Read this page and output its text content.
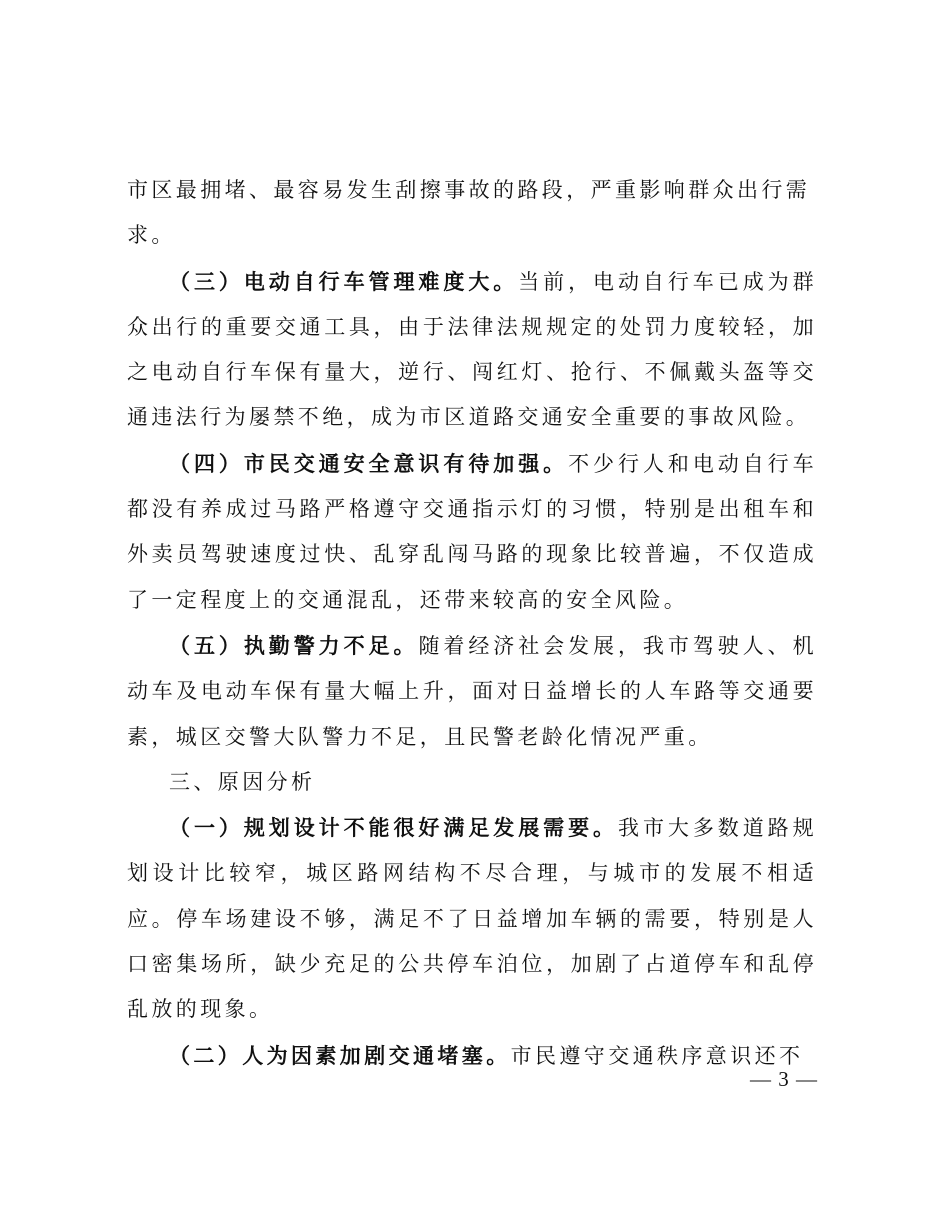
市区最拥堵、最容易发生刮擦事故的路段，严重影响群众出行需
求。

（三）电动自行车管理难度大。当前，电动自行车已成为群众出行的重要交通工具，由于法律法规规定的处罚力度较轻，加之电动自行车保有量大，逆行、闯红灯、抢行、不佩戴头盔等交通违法行为屡禁不绝，成为市区道路交通安全重要的事故风险。

（四）市民交通安全意识有待加强。不少行人和电动自行车都没有养成过马路严格遵守交通指示灯的习惯，特别是出租车和外卖员驾驶速度过快、乱穿乱闯马路的现象比较普遍，不仅造成了一定程度上的交通混乱，还带来较高的安全风险。

（五）执勤警力不足。随着经济社会发展，我市驾驶人、机动车及电动车保有量大幅上升，面对日益增长的人车路等交通要素，城区交警大队警力不足，且民警老龄化情况严重。

三、原因分析

（一）规划设计不能很好满足发展需要。我市大多数道路规划设计比较窄，城区路网结构不尽合理，与城市的发展不相适应。停车场建设不够，满足不了日益增加车辆的需要，特别是人口密集场所，缺少充足的公共停车泊位，加剧了占道停车和乱停乱放的现象。

（二）人为因素加剧交通堵塞。市民遵守交通秩序意识还不

— 3 —
